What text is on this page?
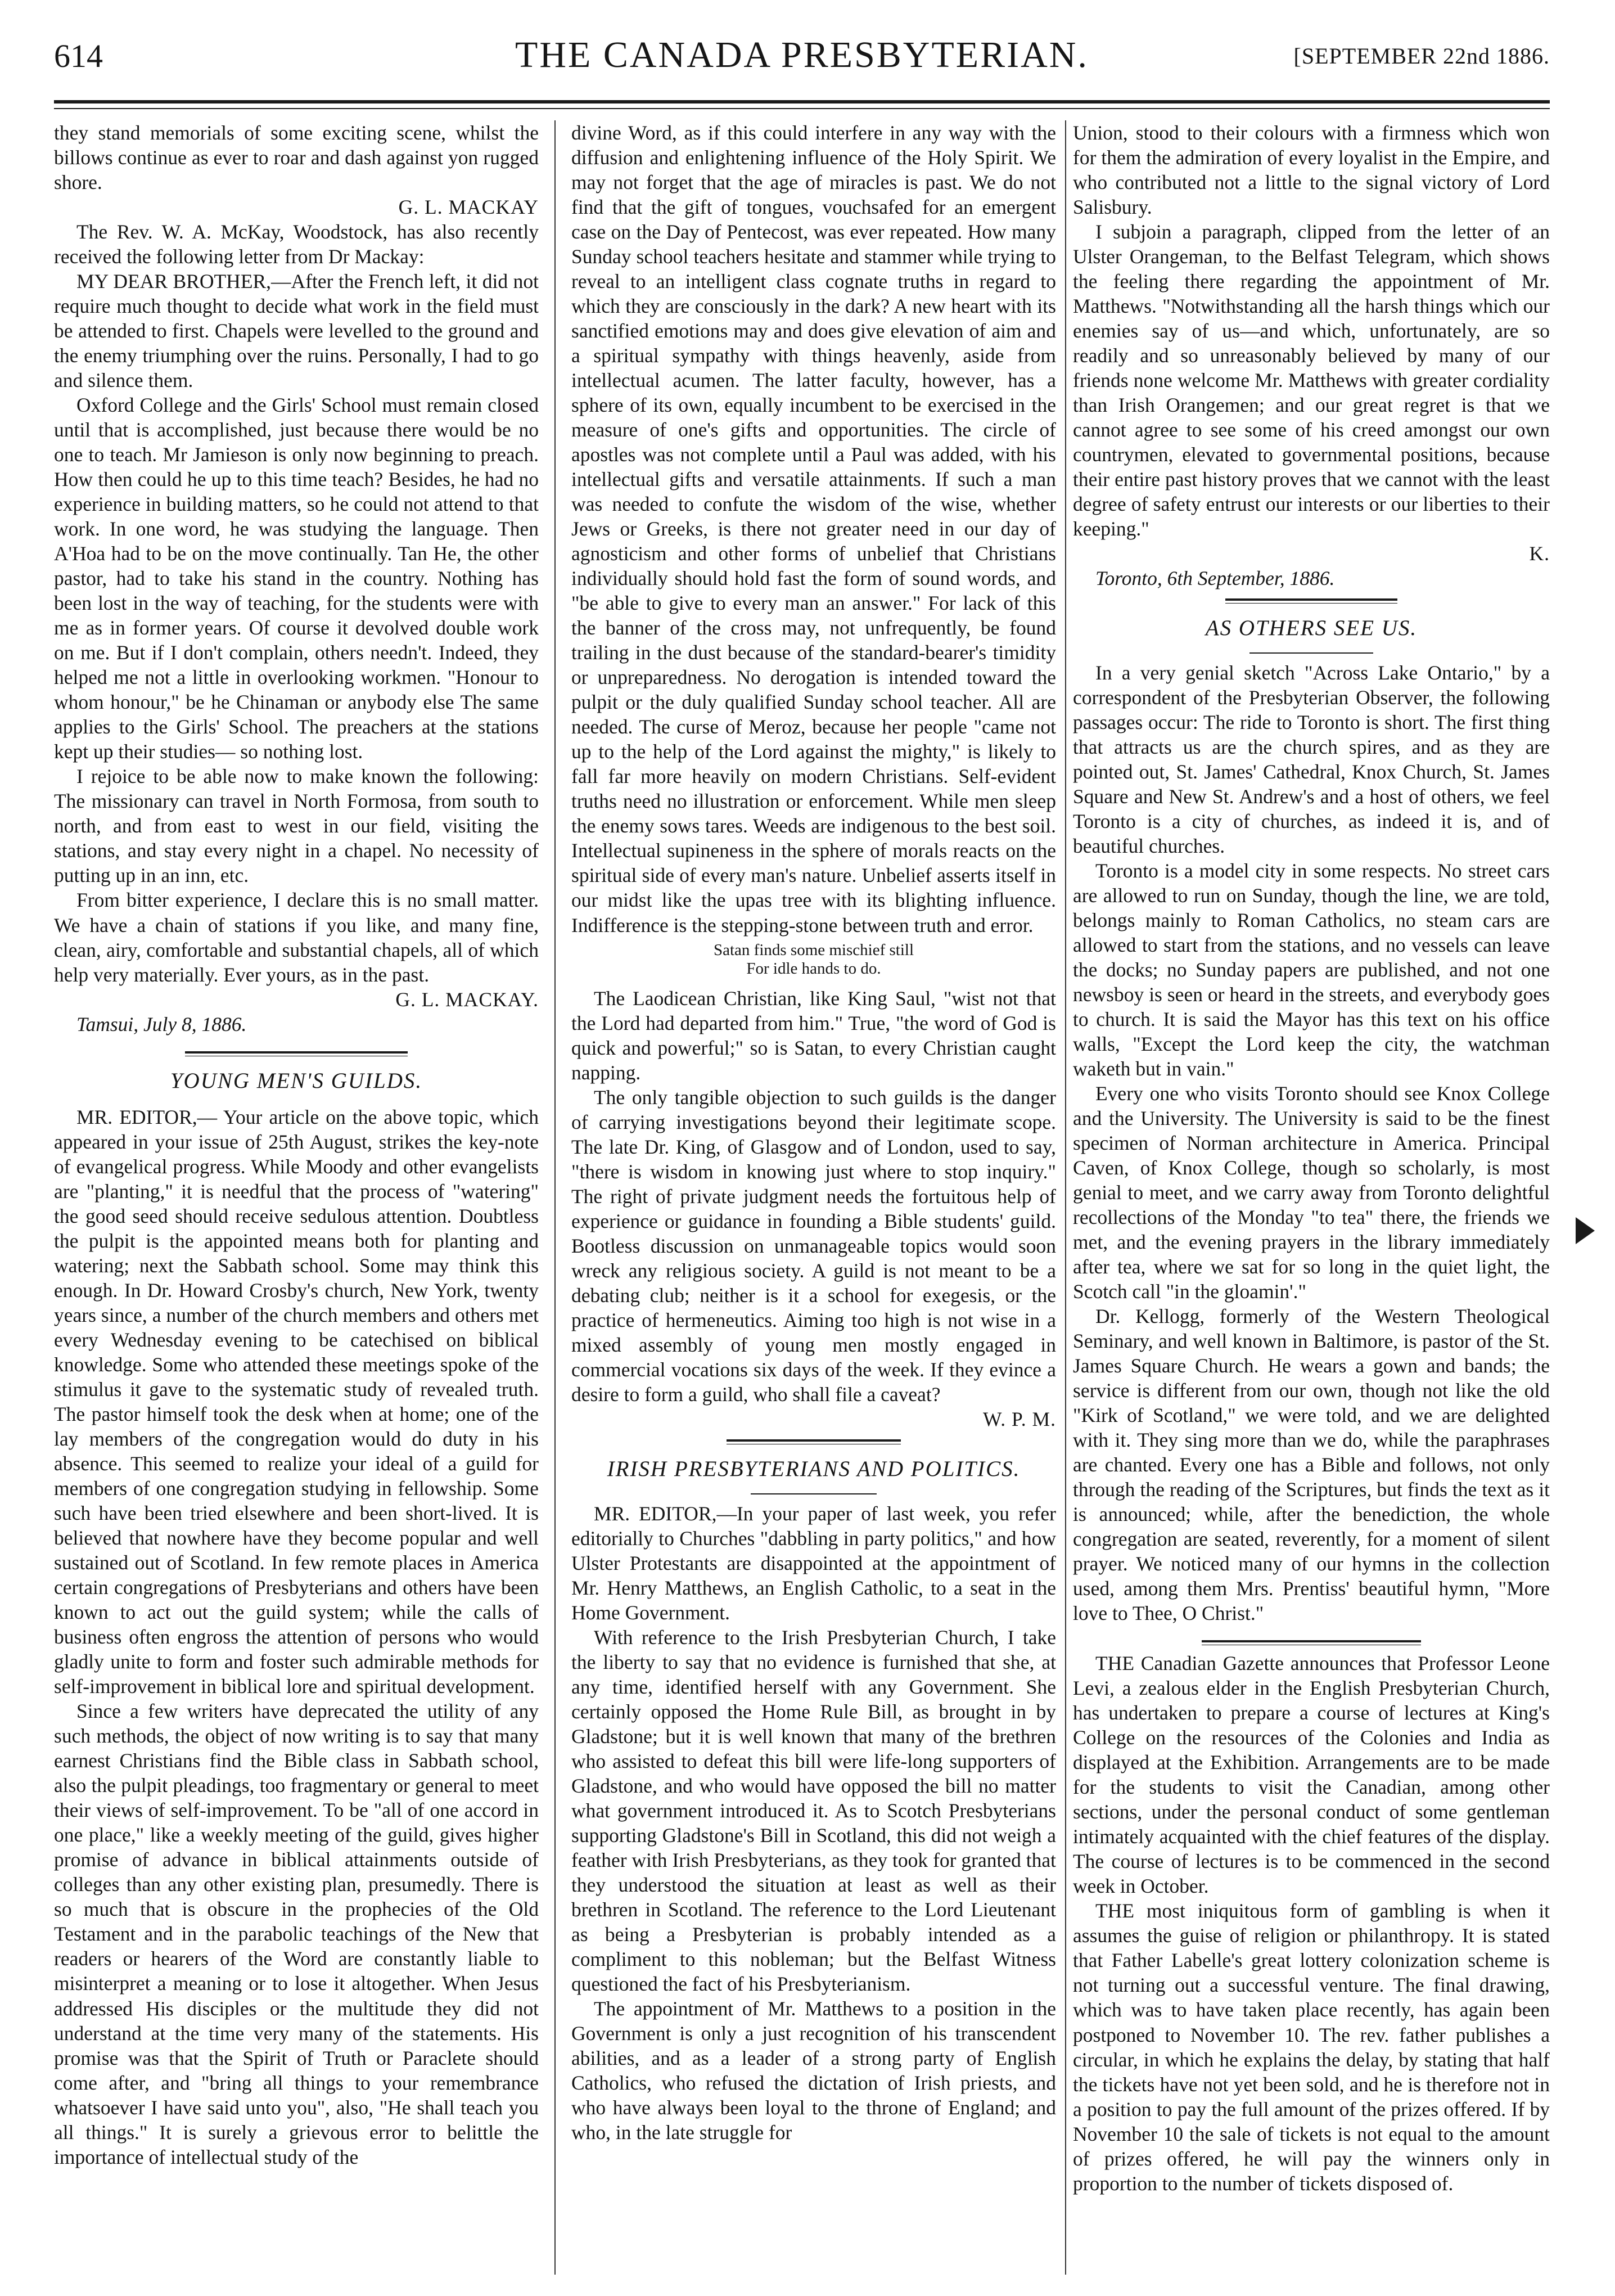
614	THE CANADA PRESBYTERIAN.	[SEPTEMBER 22nd 1886.

they stand memorials of some exciting scene, whilst the billows continue as ever to roar and dash against yon rugged shore.

G. L. MACKAY

The Rev. W. A. McKay, Woodstock, has also recently received the following letter from Dr Mackay:

MY DEAR BROTHER,—After the French left, it did not require much thought to decide what work in the field must be attended to first. Chapels were levelled to the ground and the enemy triumphing over the ruins. Personally, I had to go and silence them.

Oxford College and the Girls' School must remain closed until that is accomplished, just because there would be no one to teach. Mr Jamieson is only now beginning to preach. How then could he up to this time teach? Besides, he had no experience in building matters, so he could not attend to that work. In one word, he was studying the language. Then A'Hoa had to be on the move continually. Tan He, the other pastor, had to take his stand in the country. Nothing has been lost in the way of teaching, for the students were with me as in former years. Of course it devolved double work on me. But if I don't complain, others needn't. Indeed, they helped me not a little in overlooking workmen. "Honour to whom honour," be he Chinaman or anybody else The same applies to the Girls' School. The preachers at the stations kept up their studies— so nothing lost.

I rejoice to be able now to make known the following: The missionary can travel in North Formosa, from south to north, and from east to west in our field, visiting the stations, and stay every night in a chapel. No necessity of putting up in an inn, etc.

From bitter experience, I declare this is no small matter. We have a chain of stations if you like, and many fine, clean, airy, comfortable and substantial chapels, all of which help very materially. Ever yours, as in the past.

G. L. MACKAY.

Tamsui, July 8, 1886.

YOUNG MEN'S GUILDS.

MR. EDITOR,— Your article on the above topic, which appeared in your issue of 25th August, strikes the key-note of evangelical progress. While Moody and other evangelists are "planting," it is needful that the process of "watering" the good seed should receive sedulous attention. Doubtless the pulpit is the appointed means both for planting and watering; next the Sabbath school. Some may think this enough. In Dr. Howard Crosby's church, New York, twenty years since, a number of the church members and others met every Wednesday evening to be catechised on biblical knowledge. Some who attended these meetings spoke of the stimulus it gave to the systematic study of revealed truth. The pastor himself took the desk when at home; one of the lay members of the congregation would do duty in his absence. This seemed to realize your ideal of a guild for members of one congregation studying in fellowship. Some such have been tried elsewhere and been short-lived. It is believed that nowhere have they become popular and well sustained out of Scotland. In few remote places in America certain congregations of Presbyterians and others have been known to act out the guild system; while the calls of business often engross the attention of persons who would gladly unite to form and foster such admirable methods for self-improvement in biblical lore and spiritual development.

Since a few writers have deprecated the utility of any such methods, the object of now writing is to say that many earnest Christians find the Bible class in Sabbath school, also the pulpit pleadings, too fragmentary or general to meet their views of self-improvement. To be "all of one accord in one place," like a weekly meeting of the guild, gives higher promise of advance in biblical attainments outside of colleges than any other existing plan, presumedly. There is so much that is obscure in the prophecies of the Old Testament and in the parabolic teachings of the New that readers or hearers of the Word are constantly liable to misinterpret a meaning or to lose it altogether. When Jesus addressed His disciples or the multitude they did not understand at the time very many of the statements. His promise was that the Spirit of Truth or Paraclete should come after, and "bring all things to your remembrance whatsoever I have said unto you", also, "He shall teach you all things." It is surely a grievous error to belittle the importance of intellectual study of the

divine Word, as if this could interfere in any way with the diffusion and enlightening influence of the Holy Spirit. We may not forget that the age of miracles is past. We do not find that the gift of tongues, vouchsafed for an emergent case on the Day of Pentecost, was ever repeated. How many Sunday school teachers hesitate and stammer while trying to reveal to an intelligent class cognate truths in regard to which they are consciously in the dark? A new heart with its sanctified emotions may and does give elevation of aim and a spiritual sympathy with things heavenly, aside from intellectual acumen. The latter faculty, however, has a sphere of its own, equally incumbent to be exercised in the measure of one's gifts and opportunities. The circle of apostles was not complete until a Paul was added, with his intellectual gifts and versatile attainments. If such a man was needed to confute the wisdom of the wise, whether Jews or Greeks, is there not greater need in our day of agnosticism and other forms of unbelief that Christians individually should hold fast the form of sound words, and "be able to give to every man an answer." For lack of this the banner of the cross may, not unfrequently, be found trailing in the dust because of the standard-bearer's timidity or unpreparedness. No derogation is intended toward the pulpit or the duly qualified Sunday school teacher. All are needed. The curse of Meroz, because her people "came not up to the help of the Lord against the mighty," is likely to fall far more heavily on modern Christians. Self-evident truths need no illustration or enforcement. While men sleep the enemy sows tares. Weeds are indigenous to the best soil. Intellectual supineness in the sphere of morals reacts on the spiritual side of every man's nature. Unbelief asserts itself in our midst like the upas tree with its blighting influence. Indifference is the stepping-stone between truth and error.

Satan finds some mischief still
For idle hands to do.

The Laodicean Christian, like King Saul, "wist not that the Lord had departed from him." True, "the word of God is quick and powerful;" so is Satan, to every Christian caught napping.

The only tangible objection to such guilds is the danger of carrying investigations beyond their legitimate scope. The late Dr. King, of Glasgow and of London, used to say, "there is wisdom in knowing just where to stop inquiry." The right of private judgment needs the fortuitous help of experience or guidance in founding a Bible students' guild. Bootless discussion on unmanageable topics would soon wreck any religious society. A guild is not meant to be a debating club; neither is it a school for exegesis, or the practice of hermeneutics. Aiming too high is not wise in a mixed assembly of young men mostly engaged in commercial vocations six days of the week. If they evince a desire to form a guild, who shall file a caveat?

W. P. M.

IRISH PRESBYTERIANS AND POLITICS.

MR. EDITOR,—In your paper of last week, you refer editorially to Churches "dabbling in party politics," and how Ulster Protestants are disappointed at the appointment of Mr. Henry Matthews, an English Catholic, to a seat in the Home Government.

With reference to the Irish Presbyterian Church, I take the liberty to say that no evidence is furnished that she, at any time, identified herself with any Government. She certainly opposed the Home Rule Bill, as brought in by Gladstone; but it is well known that many of the brethren who assisted to defeat this bill were life-long supporters of Gladstone, and who would have opposed the bill no matter what government introduced it. As to Scotch Presbyterians supporting Gladstone's Bill in Scotland, this did not weigh a feather with Irish Presbyterians, as they took for granted that they understood the situation at least as well as their brethren in Scotland. The reference to the Lord Lieutenant as being a Presbyterian is probably intended as a compliment to this nobleman; but the Belfast Witness questioned the fact of his Presbyterianism.

The appointment of Mr. Matthews to a position in the Government is only a just recognition of his transcendent abilities, and as a leader of a strong party of English Catholics, who refused the dictation of Irish priests, and who have always been loyal to the throne of England; and who, in the late struggle for

Union, stood to their colours with a firmness which won for them the admiration of every loyalist in the Empire, and who contributed not a little to the signal victory of Lord Salisbury.

I subjoin a paragraph, clipped from the letter of an Ulster Orangeman, to the Belfast Telegram, which shows the feeling there regarding the appointment of Mr. Matthews. "Notwithstanding all the harsh things which our enemies say of us—and which, unfortunately, are so readily and so unreasonably believed by many of our friends none welcome Mr. Matthews with greater cordiality than Irish Orangemen; and our great regret is that we cannot agree to see some of his creed amongst our own countrymen, elevated to governmental positions, because their entire past history proves that we cannot with the least degree of safety entrust our interests or our liberties to their keeping."

K.

Toronto, 6th September, 1886.

AS OTHERS SEE US.

In a very genial sketch "Across Lake Ontario," by a correspondent of the Presbyterian Observer, the following passages occur: The ride to Toronto is short. The first thing that attracts us are the church spires, and as they are pointed out, St. James' Cathedral, Knox Church, St. James Square and New St. Andrew's and a host of others, we feel Toronto is a city of churches, as indeed it is, and of beautiful churches.

Toronto is a model city in some respects. No street cars are allowed to run on Sunday, though the line, we are told, belongs mainly to Roman Catholics, no steam cars are allowed to start from the stations, and no vessels can leave the docks; no Sunday papers are published, and not one newsboy is seen or heard in the streets, and everybody goes to church. It is said the Mayor has this text on his office walls, "Except the Lord keep the city, the watchman waketh but in vain."

Every one who visits Toronto should see Knox College and the University. The University is said to be the finest specimen of Norman architecture in America. Principal Caven, of Knox College, though so scholarly, is most genial to meet, and we carry away from Toronto delightful recollections of the Monday "to tea" there, the friends we met, and the evening prayers in the library immediately after tea, where we sat for so long in the quiet light, the Scotch call "in the gloamin'."

Dr. Kellogg, formerly of the Western Theological Seminary, and well known in Baltimore, is pastor of the St. James Square Church. He wears a gown and bands; the service is different from our own, though not like the old "Kirk of Scotland," we were told, and we are delighted with it. They sing more than we do, while the paraphrases are chanted. Every one has a Bible and follows, not only through the reading of the Scriptures, but finds the text as it is announced; while, after the benediction, the whole congregation are seated, reverently, for a moment of silent prayer. We noticed many of our hymns in the collection used, among them Mrs. Prentiss' beautiful hymn, "More love to Thee, O Christ."

THE Canadian Gazette announces that Professor Leone Levi, a zealous elder in the English Presbyterian Church, has undertaken to prepare a course of lectures at King's College on the resources of the Colonies and India as displayed at the Exhibition. Arrangements are to be made for the students to visit the Canadian, among other sections, under the personal conduct of some gentleman intimately acquainted with the chief features of the display. The course of lectures is to be commenced in the second week in October.

THE most iniquitous form of gambling is when it assumes the guise of religion or philanthropy. It is stated that Father Labelle's great lottery colonization scheme is not turning out a successful venture. The final drawing, which was to have taken place recently, has again been postponed to November 10. The rev. father publishes a circular, in which he explains the delay, by stating that half the tickets have not yet been sold, and he is therefore not in a position to pay the full amount of the prizes offered. If by November 10 the sale of tickets is not equal to the amount of prizes offered, he will pay the winners only in proportion to the number of tickets disposed of.
